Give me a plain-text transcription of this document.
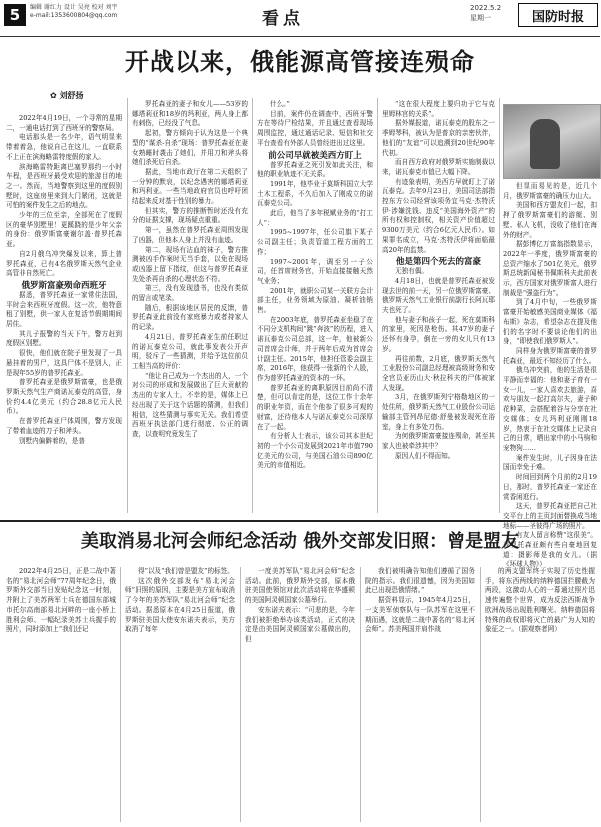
5	编辑 谢红力 设计 吴亮 校对 刘宇
e-mail:1353600804@qq.com	看点
2022.5.2
星期一	国防时报
开战以来，俄能源高管接连殒命
✿ 刘舒扬

2022年4月19日，一个寻常的星期二，一通电话打到了西班牙的警察局。

电话那头是一名少年，语气明显来带着着急，他说自己在这儿，一直联系不上正在滨海略雷特度假的家人。

滨海略雷特距离巴塞罗那约一小时车程，是西班牙最受欢迎的旅游目的地之一。然而，当地警察到这里的度假别墅时，这座房里来到大门紧闭，这就是可怕的案件发生之后的地点。

少年的三位至亲，全部死在了度假区的豪华别墅里！更蹊跷的是少年父亲的身份：俄罗斯富豪谢尔盖·普罗托森亚。

自2月俄乌冲突爆发以来，算上普罗托森亚，已有4名俄罗斯天然气企业高管非自然死亡。

俄罗斯富豪殒命西班牙

据悉，普罗托森亚一家常住法国，平时会来西班牙度假。这一次，他特意租了别墅，供一家人在复活节假期期间居住。

其儿子报警的当天下午，警方赶到度假区别墅。

很快，他们就在院子里发现了一具悬挂着的男尸，这具尸体不是别人，正是现年55岁的普罗托森亚。

普罗托森亚是俄罗斯富豪，也是俄罗斯天然气生产商诺瓦泰克的高管，身价约4.4亿美元（约合28.8亿元人民币）。

在普罗托森亚尸体周围，警方发现了带着血迹的刀子和斧头。

别墅内偏僻着的，是普

罗托森亚的妻子和女儿——53岁的娜塔莉亚和18岁的玛利亚，两人身上都有刺伤，已经没了气息。

起初，警方倾向于认为这是一个典型的“谋杀-自杀”现场：普罗托森亚在妻女熟睡时袭击了她们，并用刀和斧头将她们杀死后自杀。

据此，当地市政厅在第二天组织了一分钟的默哀，以纪念遇害的娜塔莉亚和玛利亚。一些当地政府官员也呼吁团结起来反对基于性别的暴力。

但其实，警方的推断暂时还没有充分的证据支撑，现场疑点重重。

第一，虽然在普罗托森亚周围发现了凶器，但他本人身上并没有血迹。

第二，现场有沾血的袜子，警方推测被凶手作案时无当手套，以免在现场或凶器上留下指纹，但这与普罗托森亚先处杀再自杀的心理状态不符。

第三，没有发现遗书，也没有类似的留言或笔录。

随后，根据该地区居民的反馈，普罗托森亚此前没有家庭暴力或者持家人的记录。

4月21日，普罗托森亚生前任职过的诺瓦泰克公司，就此事发表公开声明，驳斥了一些猜测，并给予这位前员工相当高的评价：

“他让自己成为一个杰出的人，一个对公司的形成和发展做出了巨大贡献的杰出的专家人士，不幸的是，媒体上已经出现了关于这个话题的猜测，但我们相信，这些猜测与事实无关。我们希望西班牙执法部门进行彻底、公正的调查，以查明究竟发生了

什么。”

目前，案件仍在调查中，西班牙警方在等待尸检结果，并且通过查看现场周围监控，通过通话记录、短信和社交平台查看有外部人员曾经进出过这里。

前公司早就被美西方盯上

普罗托森亚之死引发如此关注，和他的职业轨迹不无关系。

1991年，他毕业于莫斯科国立大学土木工程系，不久后加入了刚成立的诺瓦泰克公司。

此后，他当了多年税赋业务的“打工人”：

1995~1997年，任公司旗下某子公司副主任；负责管道工程方面的工作；

1997~2001年，调至另一子公司，任首席财务官，开始直接接触天然气业务；

2001年，就职公司某一关联方会计部主任，业务领域为原油、凝析油销售。

在2003年底，普罗托森亚坐稳了在不同分支机构间“跳”奔波”的历程，进入诺瓦泰克公司总部，这一年，他被新公司首席会计师，并于两年后成为首席会计副主任。2015年，他担任管委会副主席，2016年，他获得一张新的个人股，作为普罗托森亚的资本的一环。

普罗托森亚的离职原因目前尚不清楚，但可以肯定的是，这位工作十余年的职业年资，而在个他参了很多可观的财富，还待他本人与诺瓦泰克公司深厚在了一起。

有分析人士表示，该公司其本世纪初的一个小公司发展到2021年市值790亿美元的公司，与美国石油公司890亿美元的市值相近。

“这在很大程度上要归功于它与克里姆林宫的关系”。

据外媒报道，诺瓦泰克的股东之一季姆琴科，被认为是普京的亲密伙伴，他们的“友谊”可以追溯到20世纪90年代初。

而自西方政府对俄罗斯实施制裁以来，诺瓦泰克市值已大幅下降。

有迹象表明，美西方早就盯上了诺瓦泰克。去年9月23日，美国司法部指控东方公司经营该项务宜马克·杰特沃伊·涉嫌洗钱、违反“美国海外资产”的所有权和控制权，相关资产价值超过9300万美元（约合6亿元人民币）。如果罪名成立，马克·杰特沃伊将面临最高20年的监禁。

他是第四个死去的富豪

无独有偶。

4月18日，也就是普罗托森亚被发现去世的前一天，另一位俄罗斯富豪、俄罗斯天然气工业银行前副行长阿瓦耶夫也死了。

他与妻子和孩子一起，死在莫斯科的家里，死因是枪伤。其47岁的妻子还怀有身孕，倒在一旁的女儿只有13岁。

再往前数，2月底，俄罗斯天然气工业股份公司副总经理被高级财务和安全官员亚历山大·秋拉科夫的尸体被家人发现。

3月，在俄罗斯列宁格勒地区的一处住所，俄罗斯天然气工业股份公司运输部主管列昂尼德·舒曼被发现死在浴室，身上有多处刀伤。

为何俄罗斯富豪接连殒命，甚至其家人也被牵涉其中？

原因人们不得而知。

但显而易见的是，近几个月，俄罗斯富豪的确压力山大。

美国和西方盟友们一起，扣押了俄罗斯富豪们的游艇、别墅、私人飞机，没收了他们在海外的财产。

据彭博亿万富翁指数显示，2022年一季度，俄罗斯富豪的总资产缩水了501亿美元，俄罗斯总统新闻秘书佩斯科夫此前表示，西方国家对俄罗斯富人进行制裁是“强盗行为”。

到了4月中旬，一些俄罗斯富豪开始敏感美国商业媒体《福布斯》杂志，希望杂志在提及他们的名字时不要谈论他们的出身，“即使我们俄罗斯人”。

同样身为俄罗斯富豪的普罗托森亚，最近不知经历了什么。

俄乌冲突前，他的生活是很平静而幸福的：他和妻子育有一女一儿，一家人喜欢去旅游，喜欢与朋友一起打高尔夫，妻子种花种菜，会搭配着谷与分享在社交媒体；女儿玛利亚刚刚18岁，热衷于在社交媒体上记录自己的日常，晒出家中的小马驹和宠物狗……

案件发生时，儿子因身在法国而幸免于难。

时间回到两个月前的2月19日，那时，普罗托森亚一家还在赏香闲逛行。

这天，普罗托森亚把自己社交平台上的主页封面替换成当地地标——圣彼得广场的照片。

有友人留言称赞“这很美”。普罗托森亚颇有些自豪地回复道：摄影师是我的女儿。（据《环球人物》）

美取消易北河会师纪念活动 俄外交部发旧照：曾是盟友

2022年4月25日，正是二战中著名的“易北河会师”77周年纪念日，俄罗斯外交部当日发贴纪念这一时刻，并附上了美苏两军士兵在德国东部城市托尔高南部易北河畔的一座小桥上胜利会师、一幅纪录美苏士兵握手的照片，同时添加上“我们还记

得”以及“我们曾是盟友”的标签。

这次俄外交部发布“易北河会师”旧照的原因，主要是美方宣布取消了今年的美苏军队“易北河会师”纪念活动。据悉原本在4月25日报道，俄罗斯驻美国大使安东诺夫表示，美方取消了每年

一度美苏军队“易北河会师”纪念活动。此前，俄罗斯外交部，原本俄驻美国使领馆对此次活动将在华盛顿的美国阿灵顿国家公墓举行。

安东诺夫表示：“可悲的是，今年我们被拒绝举办该类活动，正式的决定是由美国阿灵顿国家公墓做出的，但

我们被明确告知他们遵循了国务院的指示。我们很遗憾，因为美国如此已出现恐俄情绪。”

据资料显示，1945年4月25日，一支美军侦察队与一队苏军在这里不期而遇，这就是二战中著名的“易北河会师”。苏美两国并肩作战

的两支盟军终于实现了历史性握手，将东西两线的纳粹德国拦腰截为两段，这激动人心的一幕通过照片迅速传遍整个世界，成为反法西斯战争欧洲战场出现胜利曙光、纳粹德国将特殊的政权即将灭亡的最广为人知的象征之一。（据观察者网）
